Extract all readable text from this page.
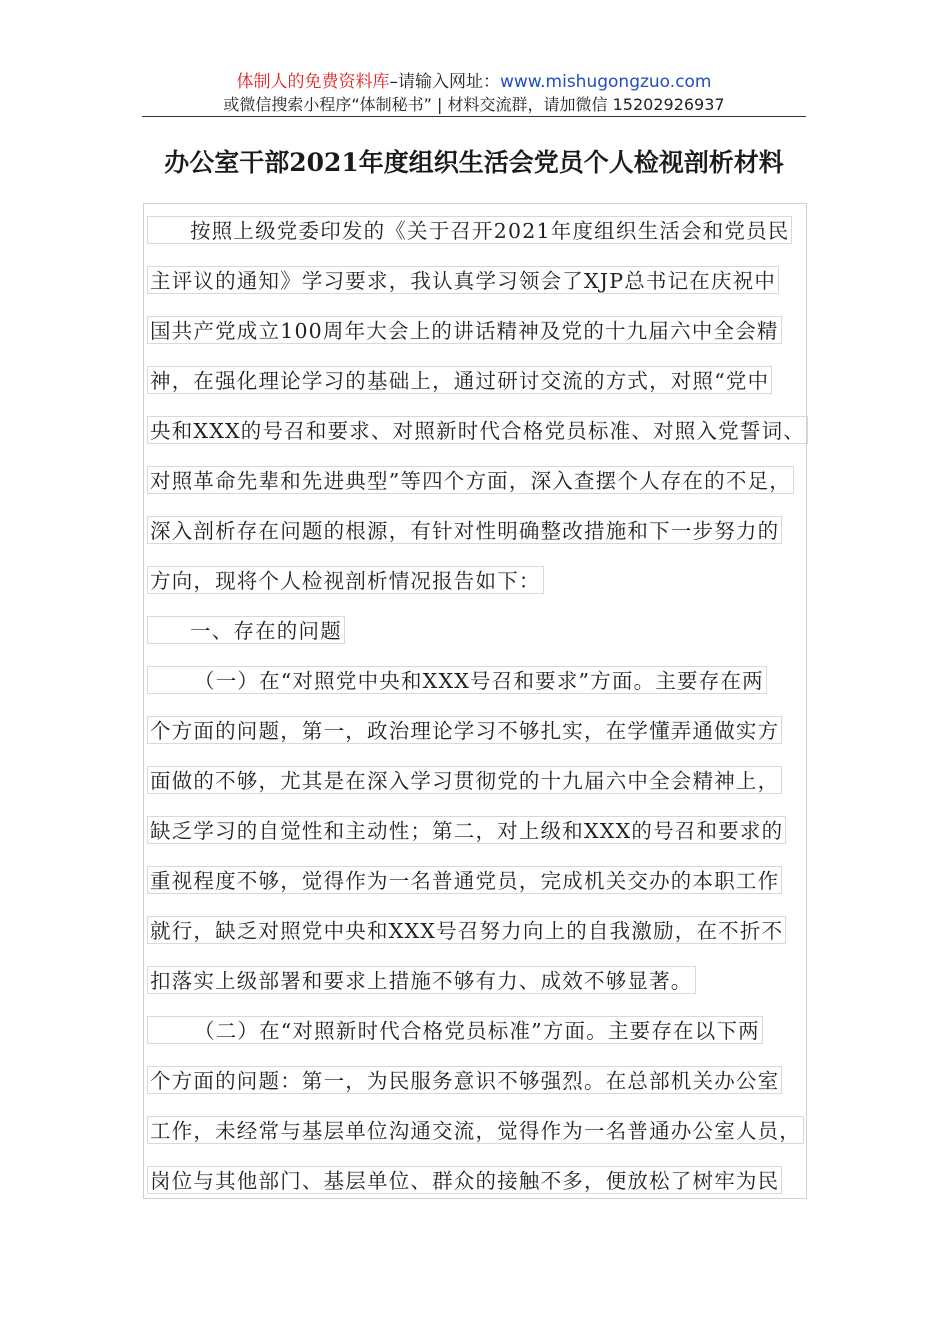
体制人的免费资料库–请输入网址：www.mishugongzuo.com
或微信搜索小程序“体制秘书” | 材料交流群，请加微信 15202926937
办公室干部2021年度组织生活会党员个人检视剖析材料
按照上级党委印发的《关于召开2021年度组织生活会和党员民
主评议的通知》学习要求，我认真学习领会了XJP总书记在庆祝中
国共产党成立100周年大会上的讲话精神及党的十九届六中全会精
神，在强化理论学习的基础上，通过研讨交流的方式，对照“党中
央和XXX的号召和要求、对照新时代合格党员标准、对照入党誓词、
对照革命先辈和先进典型”等四个方面，深入查摆个人存在的不足，
深入剖析存在问题的根源，有针对性明确整改措施和下一步努力的
方向，现将个人检视剖析情况报告如下：
一、存在的问题
（一）在“对照党中央和XXX号召和要求”方面。主要存在两
个方面的问题，第一，政治理论学习不够扎实，在学懂弄通做实方
面做的不够，尤其是在深入学习贯彻党的十九届六中全会精神上，
缺乏学习的自觉性和主动性；第二，对上级和XXX的号召和要求的
重视程度不够，觉得作为一名普通党员，完成机关交办的本职工作
就行，缺乏对照党中央和XXX号召努力向上的自我激励，在不折不
扣落实上级部署和要求上措施不够有力、成效不够显著。
（二）在“对照新时代合格党员标准”方面。主要存在以下两
个方面的问题：第一，为民服务意识不够强烈。在总部机关办公室
工作，未经常与基层单位沟通交流，觉得作为一名普通办公室人员，
岗位与其他部门、基层单位、群众的接触不多，便放松了树牢为民
